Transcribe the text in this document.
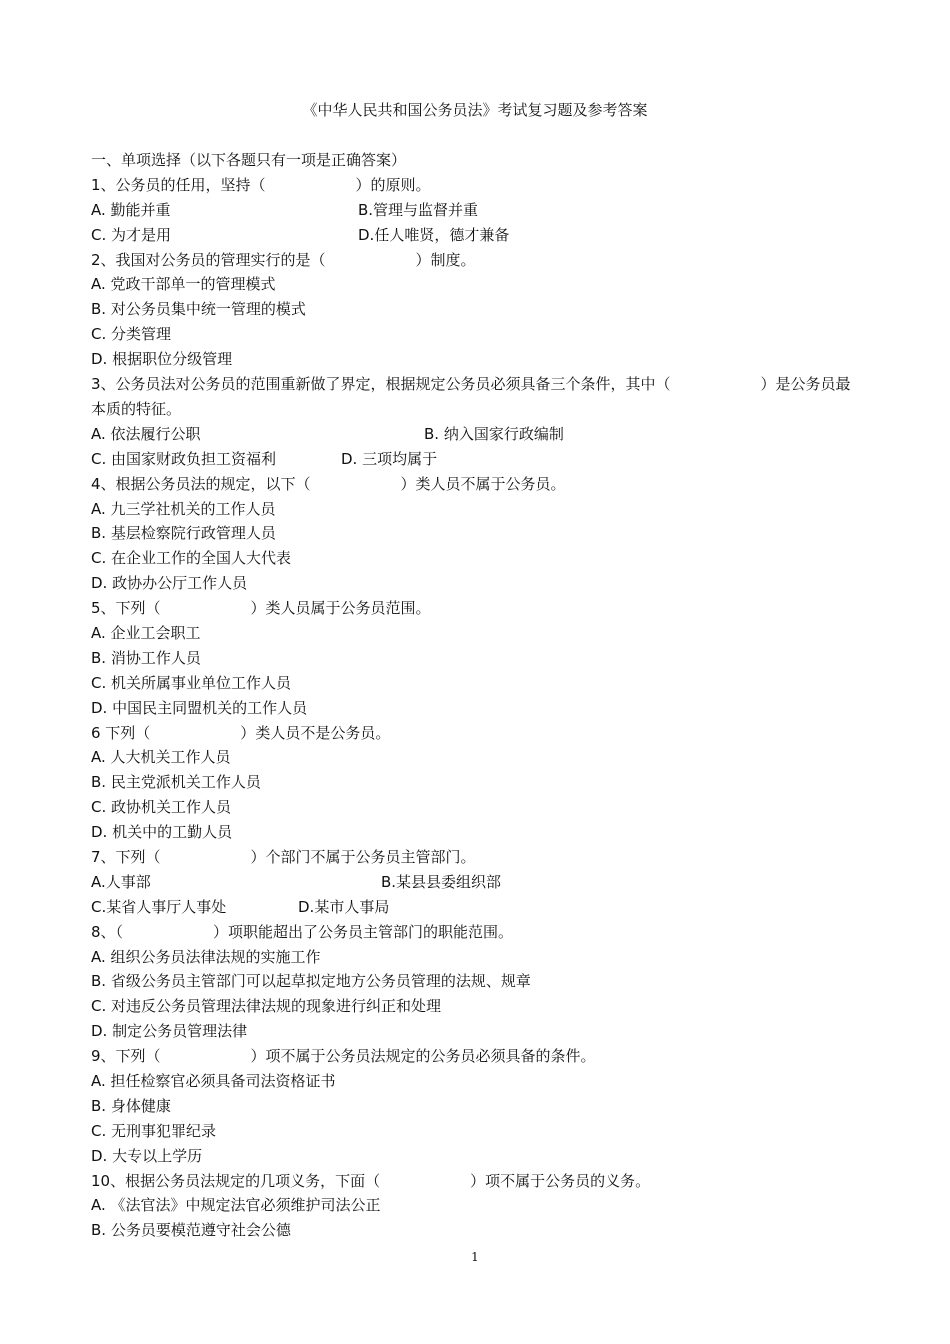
《中华人民共和国公务员法》考试复习题及参考答案
一、单项选择（以下各题只有一项是正确答案）
1、公务员的任用，坚持（　　　　　　）的原则。
A. 勤能并重	B.管理与监督并重
C. 为才是用	D.任人唯贤，德才兼备
2、我国对公务员的管理实行的是（　　　　　　）制度。
A. 党政干部单一的管理模式
B. 对公务员集中统一管理的模式
C. 分类管理
D. 根据职位分级管理
3、公务员法对公务员的范围重新做了界定，根据规定公务员必须具备三个条件，其中（　　　　　　）是公务员最本质的特征。
A. 依法履行公职	B. 纳入国家行政编制
C. 由国家财政负担工资福利	D. 三项均属于
4、根据公务员法的规定，以下（　　　　　　）类人员不属于公务员。
A. 九三学社机关的工作人员
B. 基层检察院行政管理人员
C. 在企业工作的全国人大代表
D. 政协办公厅工作人员
5、下列（　　　　　　）类人员属于公务员范围。
A. 企业工会职工
B. 消协工作人员
C. 机关所属事业单位工作人员
D. 中国民主同盟机关的工作人员
6 下列（　　　　　　）类人员不是公务员。
A. 人大机关工作人员
B. 民主党派机关工作人员
C. 政协机关工作人员
D. 机关中的工勤人员
7、下列（　　　　　　）个部门不属于公务员主管部门。
A.人事部	B.某县县委组织部
C.某省人事厅人事处	D.某市人事局
8、（　　　　　　）项职能超出了公务员主管部门的职能范围。
A. 组织公务员法律法规的实施工作
B. 省级公务员主管部门可以起草拟定地方公务员管理的法规、规章
C. 对违反公务员管理法律法规的现象进行纠正和处理
D. 制定公务员管理法律
9、下列（　　　　　　）项不属于公务员法规定的公务员必须具备的条件。
A. 担任检察官必须具备司法资格证书
B. 身体健康
C. 无刑事犯罪纪录
D. 大专以上学历
10、根据公务员法规定的几项义务，下面（　　　　　　）项不属于公务员的义务。
A. 《法官法》中规定法官必须维护司法公正
B. 公务员要模范遵守社会公德
1
